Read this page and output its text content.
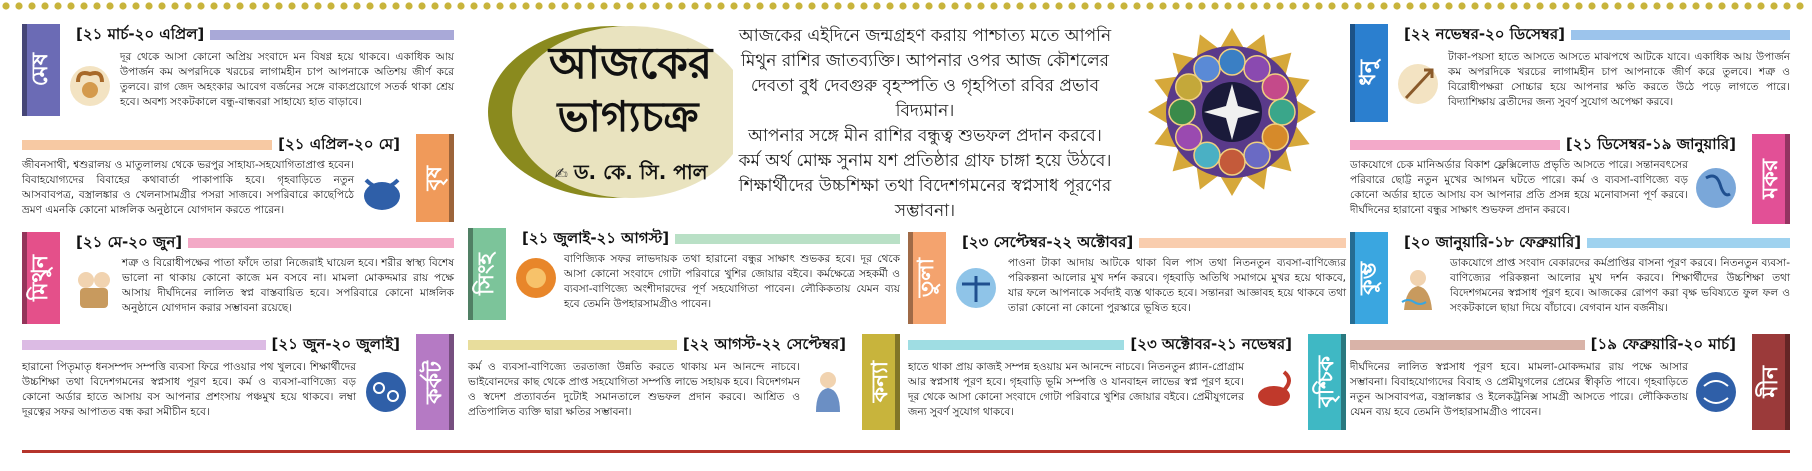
আজকের
ভাগ্যচক্র
✍ ড. কে. সি. পাল

আজকের এইদিনে জন্মগ্রহণ করায় পাশ্চাত্য মতে আপনি মিথুন রাশির জাতব্যক্তি। আপনার ওপর আজ কৌশলের দেবতা বুধ দেবগুরু বৃহস্পতি ও গৃহপিতা রবির প্রভাব বিদ্যমান।

আপনার সঙ্গে মীন রাশির বন্ধুত্ব শুভফল প্রদান করবে। কর্ম অর্থ মোক্ষ সুনাম যশ প্রতিষ্ঠার গ্রাফ চাঙ্গা হয়ে উঠবে। শিক্ষার্থীদের উচ্চশিক্ষা তথা বিদেশগমনের স্বপ্নসাধ পূরণের সম্ভাবনা।

মেষ
[২১ মার্চ-২০ এপ্রিল]
দূর থেকে আসা কোনো অপ্রিয় সংবাদে মন বিষণ্ণ হয়ে থাকবে। একাধিক আয় উপার্জন কম অপরদিকে খরচের লাগামহীন চাপ আপনাকে অতিশয় জীর্ণ করে তুলবে। রাগ জেদ অহংকার আবেগ বর্জনের সঙ্গে বাক্যপ্রয়োগে সতর্ক থাকা শ্রেয় হবে। অবশ্য সংকটকালে বন্ধু-বান্ধবরা সাহায্যে হাত বাড়াবে।
বৃষ
[২১ এপ্রিল-২০ মে]
জীবনসাথী, শ্বশুরালয় ও মাতুলালয় থেকে ভরপুর সাহায্য-সহযোগিতাপ্রাপ্ত হবেন। বিবাহযোগ্যদের বিবাহের কথাবার্তা পাকাপাকি হবে। গৃহবাড়িতে নতুন আসবাবপত্র, বস্ত্রালঙ্কার ও খেলনাসামগ্রীর পসরা সাজবে। সপরিবারে কাছেপিঠে ভ্রমণ এমনকি কোনো মাঙ্গলিক অনুষ্ঠানে যোগদান করতে পারেন।
মিথুন
[২১ মে-২০ জুন]
শত্রু ও বিরোধীপক্ষের পাতা ফাঁদে তারা নিজেরাই ঘায়েল হবে। শরীর স্বাস্থ্য বিশেষ ভালো না থাকায় কোনো কাজে মন বসবে না। মামলা মোকদ্দমার রায় পক্ষে আসায় দীর্ঘদিনের লালিত স্বপ্ন বাস্তবায়িত হবে। সপরিবারে কোনো মাঙ্গলিক অনুষ্ঠানে যোগদান করার সম্ভাবনা রয়েছে।
কর্কট
[২১ জুন-২০ জুলাই]
হারানো পিতৃমাতৃ ধনসম্পদ সম্পত্তি ব্যবসা ফিরে পাওয়ার পথ খুলবে। শিক্ষার্থীদের উচ্চশিক্ষা তথা বিদেশগমনের স্বপ্নসাধ পূরণ হবে। কর্ম ও ব্যবসা-বাণিজ্যে বড় কোনো অর্ডার হাতে আসায় বস আপনার প্রশংসায় পঞ্চমুখ হয়ে থাকবে। লম্বা দূরত্বের সফর আপাতত বন্ধ করা সমীচীন হবে।
সিংহ
[২১ জুলাই-২১ আগস্ট]
বাণিজ্যিক সফর লাভদায়ক তথা হারানো বন্ধুর সাক্ষাৎ শুভকর হবে। দূর থেকে আসা কোনো সংবাদে গোটা পরিবারে খুশির জোয়ার বইবে। কর্মক্ষেত্রে সহকর্মী ও ব্যবসা-বাণিজ্যে অংশীদারদের পূর্ণ সহযোগিতা পাবেন। লৌকিকতায় যেমন ব্যয় হবে তেমনি উপহারসামগ্রীও পাবেন।
কন্যা
[২২ আগস্ট-২২ সেপ্টেম্বর]
কর্ম ও ব্যবসা-বাণিজ্যে তরতাজা উন্নতি করতে থাকায় মন আনন্দে নাচবে। ভাইবোনদের কাছ থেকে প্রাপ্ত সহযোগিতা সম্পত্তি লাভে সহায়ক হবে। বিদেশগমন ও স্বদেশ প্রত্যাবর্তন দুটোই সমানতালে শুভফল প্রদান করবে। আশ্রিত ও প্রতিপালিত ব্যক্তি দ্বারা ক্ষতির সম্ভাবনা।
তুলা
[২৩ সেপ্টেম্বর-২২ অক্টোবর]
পাওনা টাকা আদায় আটকে থাকা বিল পাস তথা নিতনতুন ব্যবসা-বাণিজ্যের পরিকল্পনা আলোর মুখ দর্শন করবে। গৃহবাড়ি অতিথি সমাগমে মুখর হয়ে থাকবে, যার ফলে আপনাকে সর্বদাই ব্যস্ত থাকতে হবে। সন্তানরা আজ্ঞাবহ হয়ে থাকবে তথা তারা কোনো না কোনো পুরস্কারে ভূষিত হবে।
বৃশ্চিক
[২৩ অক্টোবর-২১ নভেম্বর]
হাতে থাকা প্রায় কাজই সম্পন্ন হওয়ায় মন আনন্দে নাচবে। নিতনতুন প্ল্যান-প্রোগ্রাম আর স্বপ্নসাধ পূরণ হবে। গৃহবাড়ি ভূমি সম্পত্তি ও যানবাহন লাভের স্বপ্ন পূরণ হবে। দূর থেকে আসা কোনো সংবাদে গোটা পরিবারে খুশির জোয়ার বইবে। প্রেমীযুগলের জন্য সুবর্ণ সুযোগ থাকবে।
ধনু
[২২ নভেম্বর-২০ ডিসেম্বর]
টাকা-পয়সা হাতে আসতে আসতে মাঝপথে আটকে যাবে। একাধিক আয় উপার্জন কম অপরদিকে খরচের লাগামহীন চাপ আপনাকে জীর্ণ করে তুলবে। শত্রু ও বিরোধীপক্ষরা সোচ্চার হয়ে আপনার ক্ষতি করতে উঠে পড়ে লাগতে পারে। বিদ্যাশিক্ষায় ব্রতীদের জন্য সুবর্ণ সুযোগ অপেক্ষা করবে।
মকর
[২১ ডিসেম্বর-১৯ জানুয়ারি]
ডাকযোগে চেক মানিঅর্ডার বিকাশ ফ্লেক্সিলোড প্রভৃতি আসতে পারে। সন্তানবৎসের পরিবারে ছোট্ট নতুন মুখের আগমন ঘটতে পারে। কর্ম ও ব্যবসা-বাণিজ্যে বড় কোনো অর্ডার হাতে আসায় বস আপনার প্রতি প্রসন্ন হয়ে মনোবাসনা পূর্ণ করবে। দীর্ঘদিনের হারানো বন্ধুর সাক্ষাৎ শুভফল প্রদান করবে।
কুম্ভ
[২০ জানুয়ারি-১৮ ফেব্রুয়ারি]
ডাকযোগে প্রাপ্ত সংবাদ বেকারদের কর্মপ্রাপ্তির বাসনা পূরণ করবে। নিতনতুন ব্যবসা-বাণিজ্যের পরিকল্পনা আলোর মুখ দর্শন করবে। শিক্ষার্থীদের উচ্চশিক্ষা তথা বিদেশগমনের স্বপ্নসাধ পূরণ হবে। আজকের রোপণ করা বৃক্ষ ভবিষ্যতে ফুল ফল ও সংকটকালে ছায়া দিয়ে বাঁচাবে। বেগবান যান বর্জনীয়।
মীন
[১৯ ফেব্রুয়ারি-২০ মার্চ]
দীর্ঘদিনের লালিত স্বপ্নসাধ পূরণ হবে। মামলা-মোকদ্দমার রায় পক্ষে আসার সম্ভাবনা। বিবাহযোগ্যদের বিবাহ ও প্রেমীযুগলের প্রেমের স্বীকৃতি পাবে। গৃহবাড়িতে নতুন আসবাবপত্র, বস্ত্রালঙ্কার ও ইলেকট্রনিক্স সামগ্রী আসতে পারে। লৌকিকতায় যেমন ব্যয় হবে তেমনি উপহারসামগ্রীও পাবেন।
